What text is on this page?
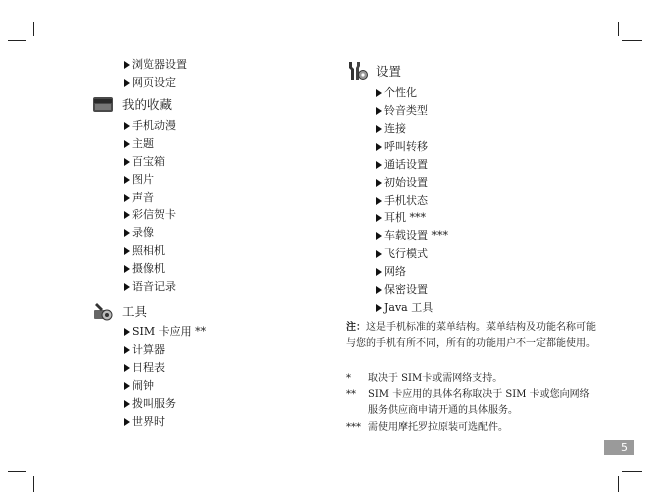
浏览器设置
网页设定
我的收藏
手机动漫
主题
百宝箱
图片
声音
彩信贺卡
录像
照相机
摄像机
语音记录
工具
SIM 卡应用 **
计算器
日程表
闹钟
拨叫服务
世界时
设置
个性化
铃音类型
连接
呼叫转移
通话设置
初始设置
手机状态
耳机 ***
车载设置 ***
飞行模式
网络
保密设置
Java 工具
注：这是手机标准的菜单结构。菜单结构及功能名称可能与您的手机有所不同，所有的功能用户不一定都能使用。
* 取决于 SIM卡或需网络支持。
** SIM 卡应用的具体名称取决于 SIM 卡或您向网络
服务供应商申请开通的具体服务。
*** 需使用摩托罗拉原装可选配件。
5
